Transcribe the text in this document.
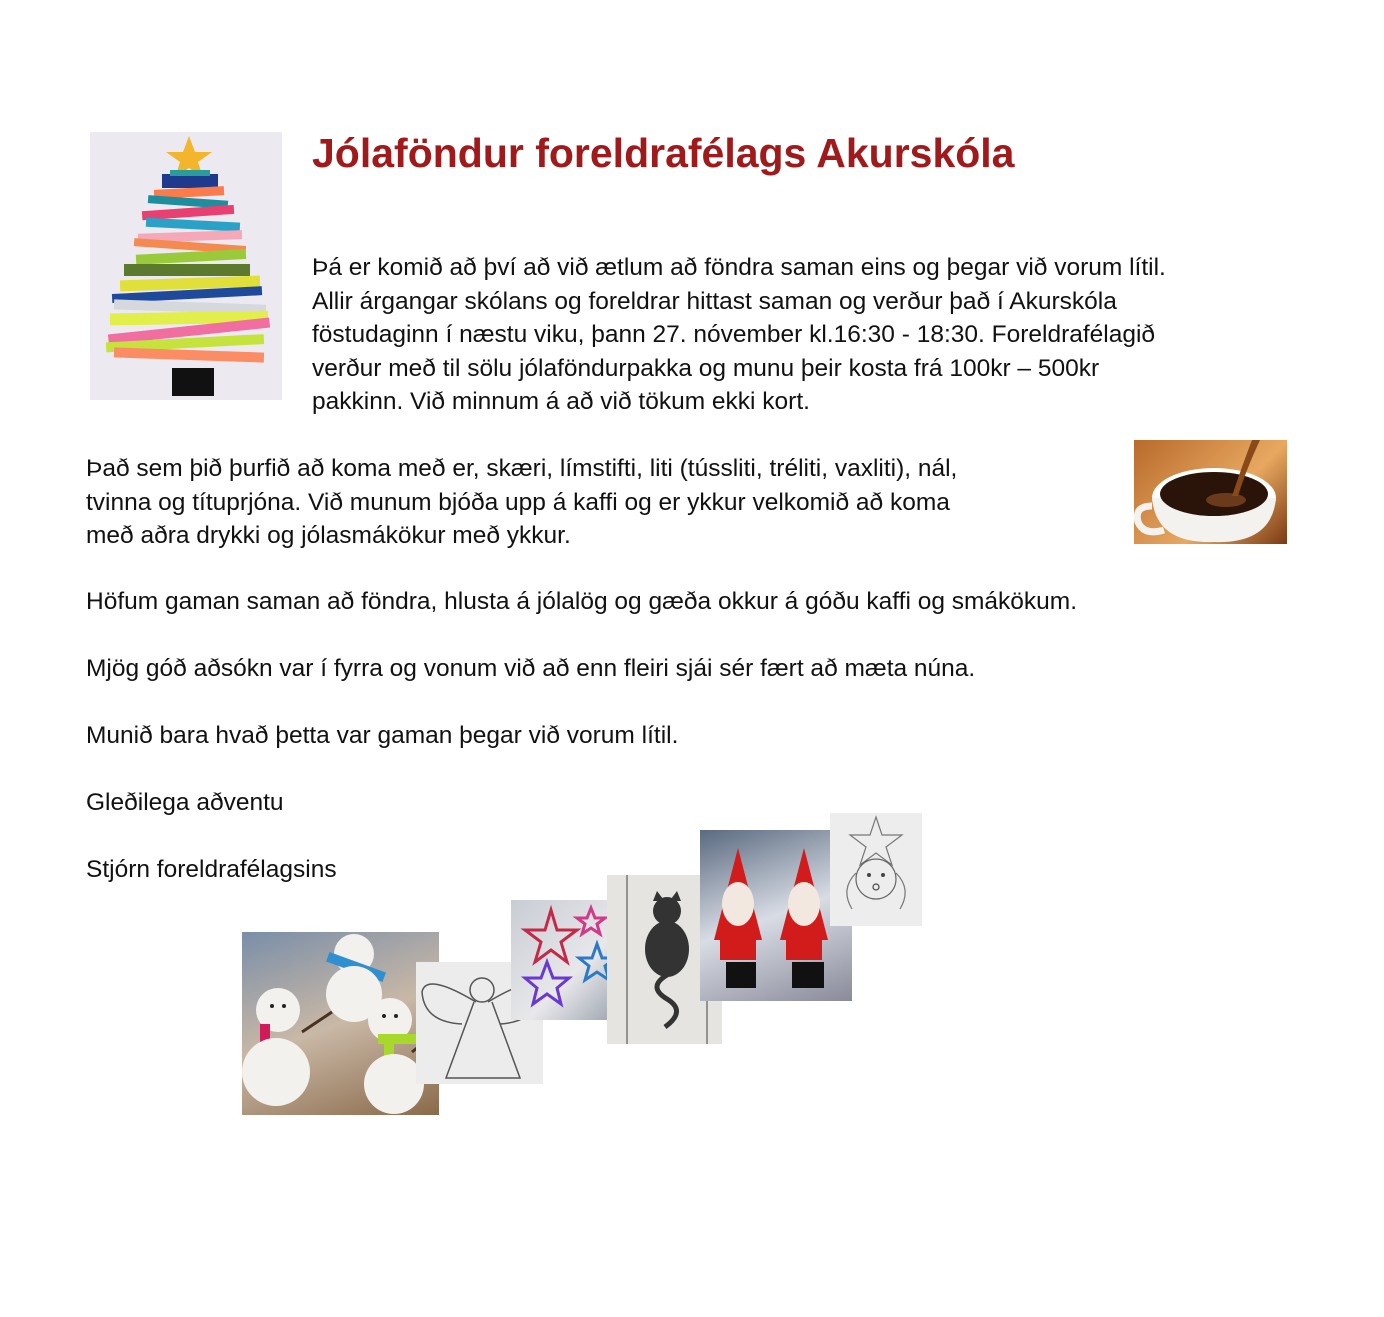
Jólaföndur foreldrafélags Akurskóla
Þá er komið að því að við ætlum að föndra saman eins og þegar við vorum lítil.
Allir árgangar skólans og foreldrar hittast saman og verður það í Akurskóla
föstudaginn í næstu viku, þann 27. nóvember kl.16:30 - 18:30. Foreldrafélagið
verður með til sölu jólaföndurpakka og munu þeir kosta frá 100kr – 500kr
pakkinn. Við minnum á að við tökum ekki kort.
Það sem þið þurfið að koma með er, skæri, límstifti, liti (tússliti, tréliti, vaxliti), nál,
tvinna og títuprjóna. Við munum bjóða upp á kaffi og er ykkur velkomið að koma
með aðra drykki og jólasmákökur með ykkur.
Höfum gaman saman að föndra, hlusta á jólalög og gæða okkur á góðu kaffi og smákökum.
Mjög góð aðsókn var í fyrra og vonum við að enn fleiri sjái sér fært að mæta núna.
Munið bara hvað þetta var gaman þegar við vorum lítil.
Gleðilega aðventu
Stjórn foreldrafélagsins
